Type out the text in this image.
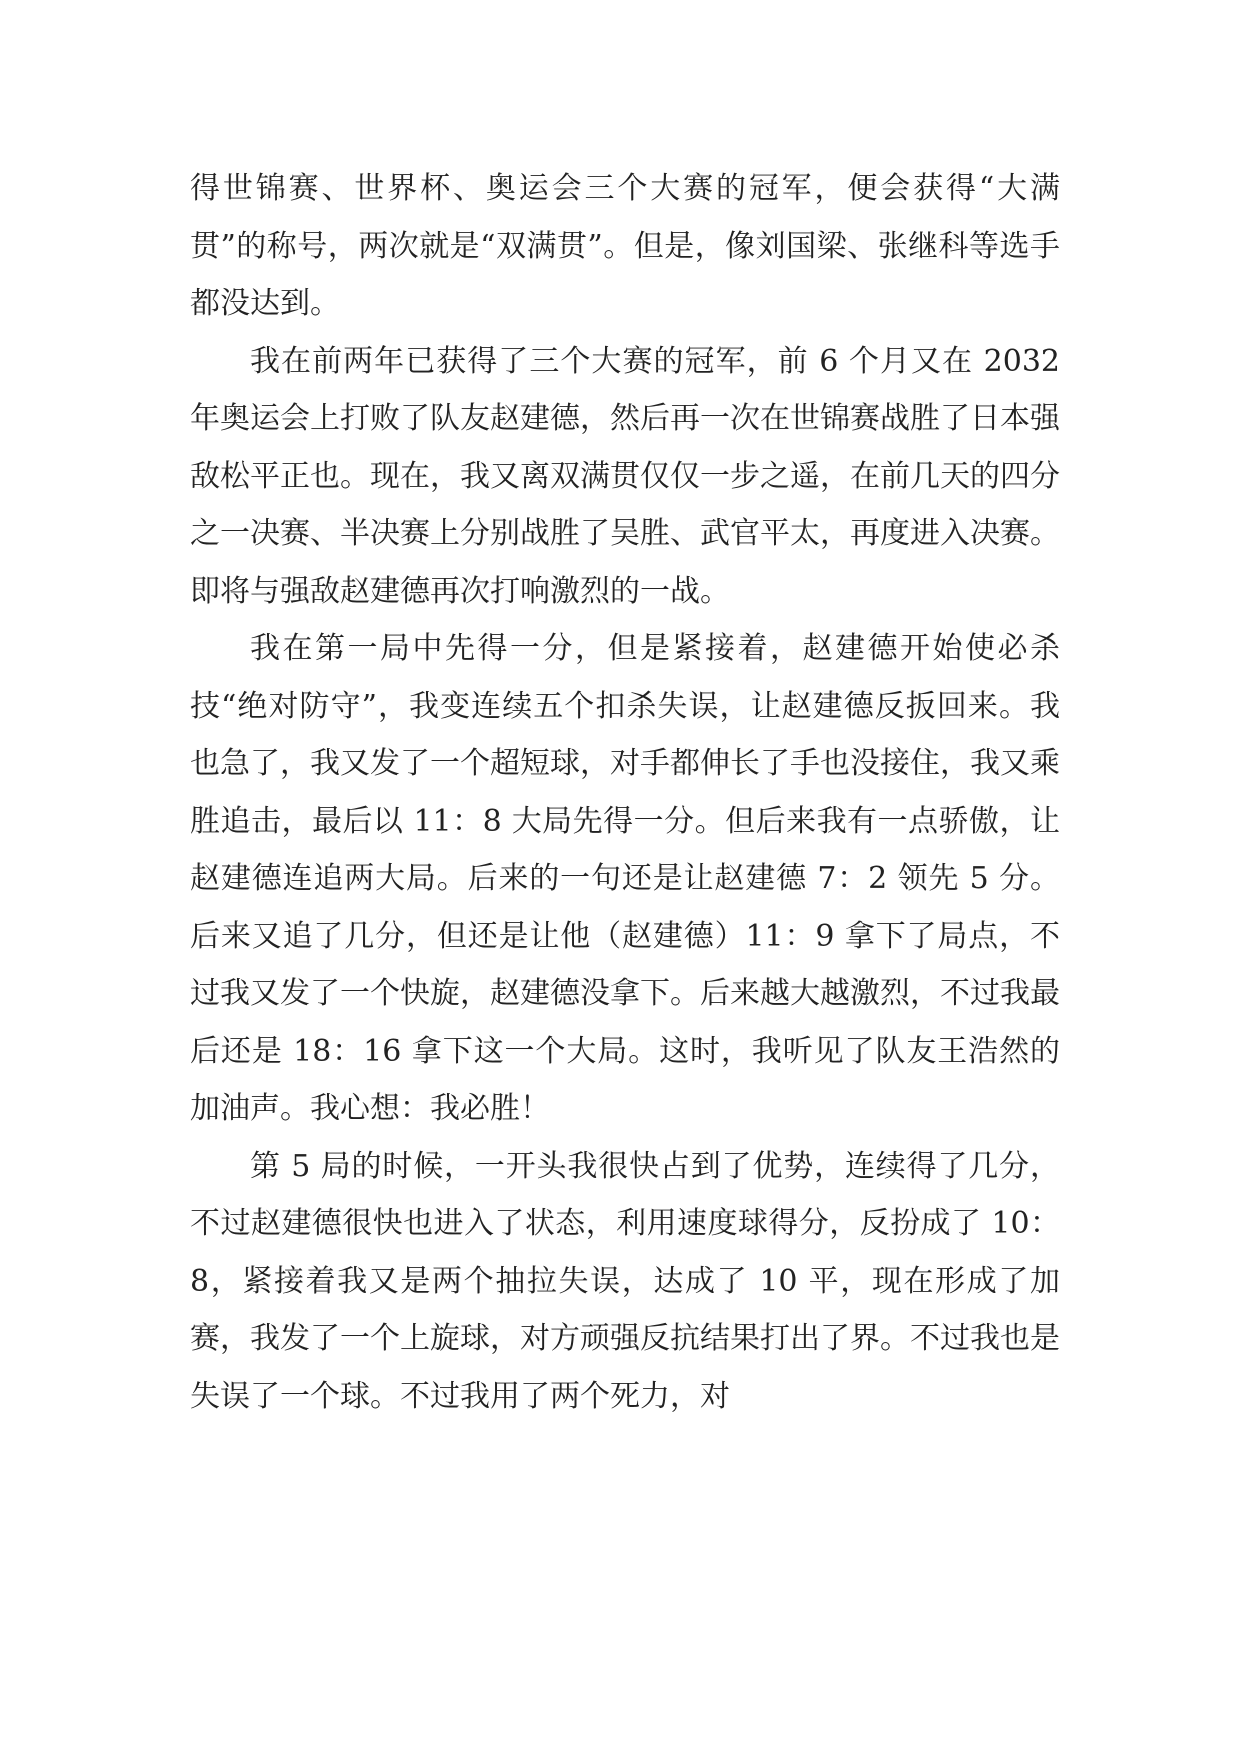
得世锦赛、世界杯、奥运会三个大赛的冠军，便会获得“大满贯”的称号，两次就是“双满贯”。但是，像刘国梁、张继科等选手都没达到。

我在前两年已获得了三个大赛的冠军，前 6 个月又在 2032 年奥运会上打败了队友赵建德，然后再一次在世锦赛战胜了日本强敌松平正也。现在，我又离双满贯仅仅一步之遥，在前几天的四分之一决赛、半决赛上分别战胜了吴胜、武官平太，再度进入决赛。即将与强敌赵建德再次打响激烈的一战。

我在第一局中先得一分，但是紧接着，赵建德开始使必杀技“绝对防守”，我变连续五个扣杀失误，让赵建德反扳回来。我也急了，我又发了一个超短球，对手都伸长了手也没接住，我又乘胜追击，最后以 11：8 大局先得一分。但后来我有一点骄傲，让赵建德连追两大局。后来的一句还是让赵建德 7：2 领先 5 分。后来又追了几分，但还是让他（赵建德）11：9 拿下了局点，不过我又发了一个快旋，赵建德没拿下。后来越大越激烈，不过我最后还是 18：16 拿下这一个大局。这时，我听见了队友王浩然的加油声。我心想：我必胜！

第 5 局的时候，一开头我很快占到了优势，连续得了几分，不过赵建德很快也进入了状态，利用速度球得分，反扮成了 10：8，紧接着我又是两个抽拉失误，达成了 10 平，现在形成了加赛，我发了一个上旋球，对方顽强反抗结果打出了界。不过我也是失误了一个球。不过我用了两个死力，对
